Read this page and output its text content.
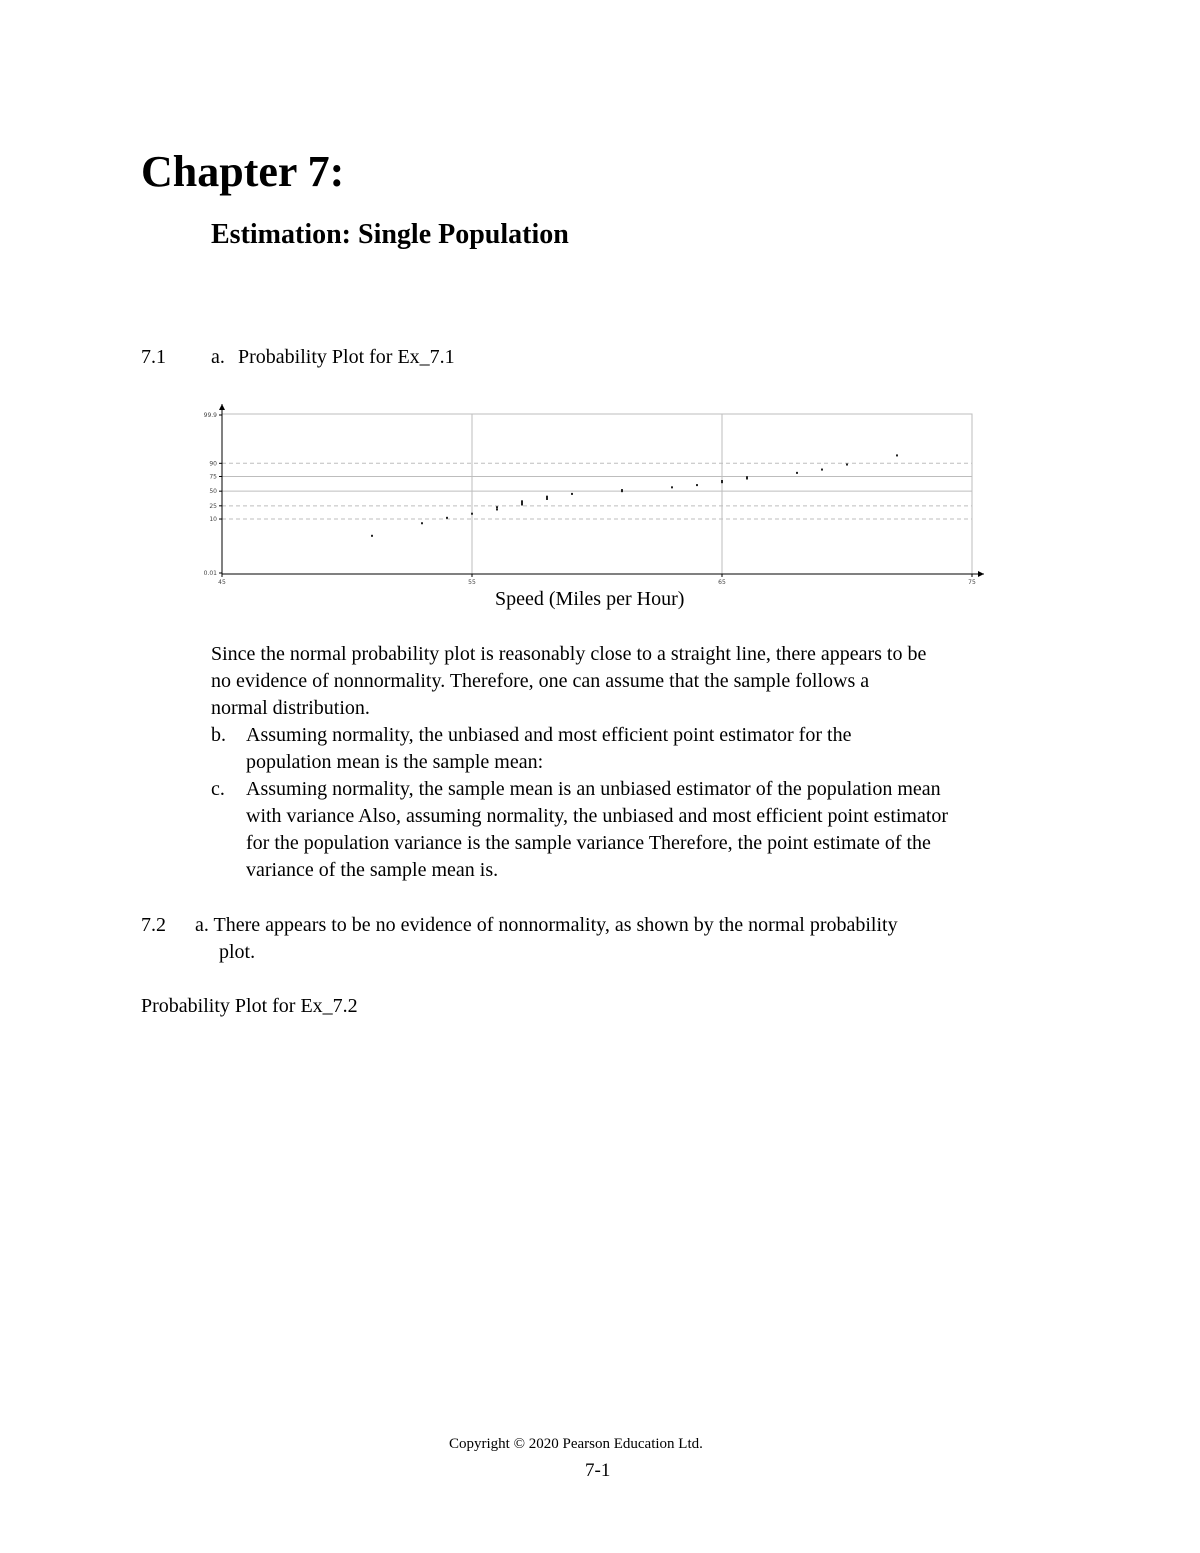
Chapter 7:
Estimation: Single Population
7.1 a. Probability Plot for Ex_7.1
0.01
10
25
50
75
90
99.9
45	55	65	75
Speed (Miles per Hour)
Since the normal probability plot is reasonably close to a straight line, there appears to be
no evidence of nonnormality. Therefore, one can assume that the sample follows a
normal distribution.
b. Assuming normality, the unbiased and most efficient point estimator for the
population mean is the sample mean:
c. Assuming normality, the sample mean is an unbiased estimator of the population mean
with variance Also, assuming normality, the unbiased and most efficient point estimator
for the population variance is the sample variance Therefore, the point estimate of the
variance of the sample mean is.
7.2 a. There appears to be no evidence of nonnormality, as shown by the normal probability
plot.
Probability Plot for Ex_7.2
Copyright © 2020 Pearson Education Ltd.
7-1
